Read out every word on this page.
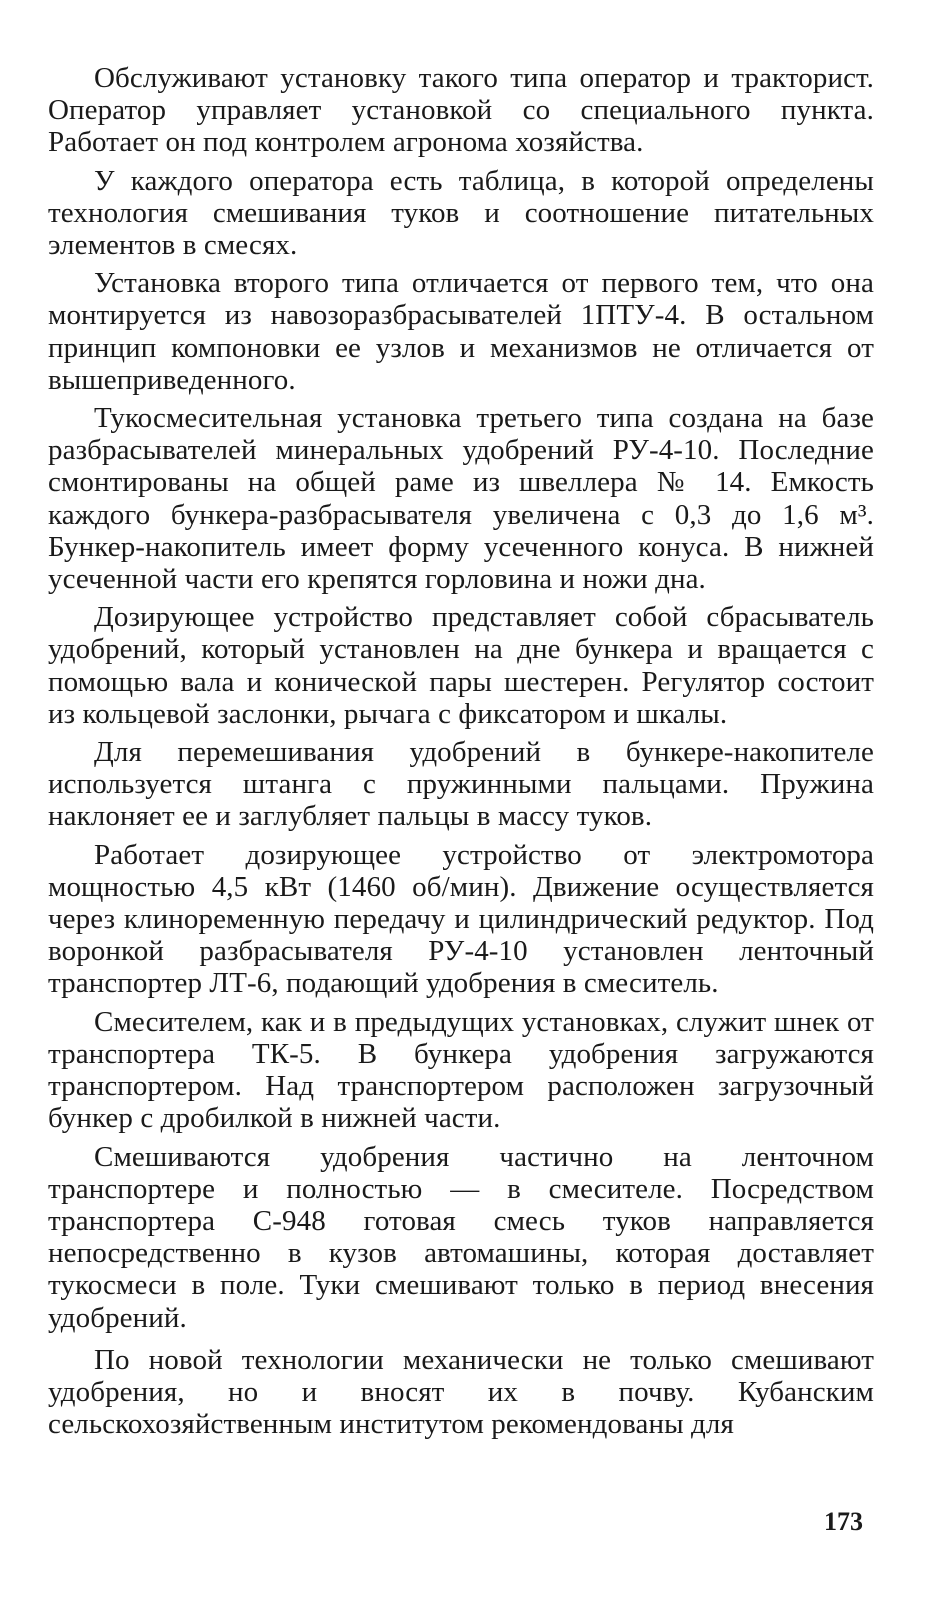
Обслуживают установку такого типа оператор и тракторист. Оператор управляет установкой со специального пункта. Работает он под контролем агронома хозяйства.

У каждого оператора есть таблица, в которой определены технология смешивания туков и соотношение питательных элементов в смесях.

Установка второго типа отличается от первого тем, что она монтируется из навозоразбрасывателей 1ПТУ-4. В остальном принцип компоновки ее узлов и механизмов не отличается от вышеприведенного.

Тукосмесительная установка третьего типа создана на базе разбрасывателей минеральных удобрений РУ-4-10. Последние смонтированы на общей раме из швеллера № 14. Емкость каждого бункера-разбрасывателя увеличена с 0,3 до 1,6 м³. Бункер-накопитель имеет форму усеченного конуса. В нижней усеченной части его крепятся горловина и ножи дна.

Дозирующее устройство представляет собой сбрасыватель удобрений, который установлен на дне бункера и вращается с помощью вала и конической пары шестерен. Регулятор состоит из кольцевой заслонки, рычага с фиксатором и шкалы.

Для перемешивания удобрений в бункере-накопителе используется штанга с пружинными пальцами. Пружина наклоняет ее и заглубляет пальцы в массу туков.

Работает дозирующее устройство от электромотора мощностью 4,5 кВт (1460 об/мин). Движение осуществляется через клиноременную передачу и цилиндрический редуктор. Под воронкой разбрасывателя РУ-4-10 установлен ленточный транспортер ЛТ-6, подающий удобрения в смеситель.

Смесителем, как и в предыдущих установках, служит шнек от транспортера ТК-5. В бункера удобрения загружаются транспортером. Над транспортером расположен загрузочный бункер с дробилкой в нижней части.

Смешиваются удобрения частично на ленточном транспортере и полностью — в смесителе. Посредством транспортера С-948 готовая смесь туков направляется непосредственно в кузов автомашины, которая доставляет тукосмеси в поле. Туки смешивают только в период внесения удобрений.

По новой технологии механически не только смешивают удобрения, но и вносят их в почву. Кубанским сельскохозяйственным институтом рекомендованы для

173
